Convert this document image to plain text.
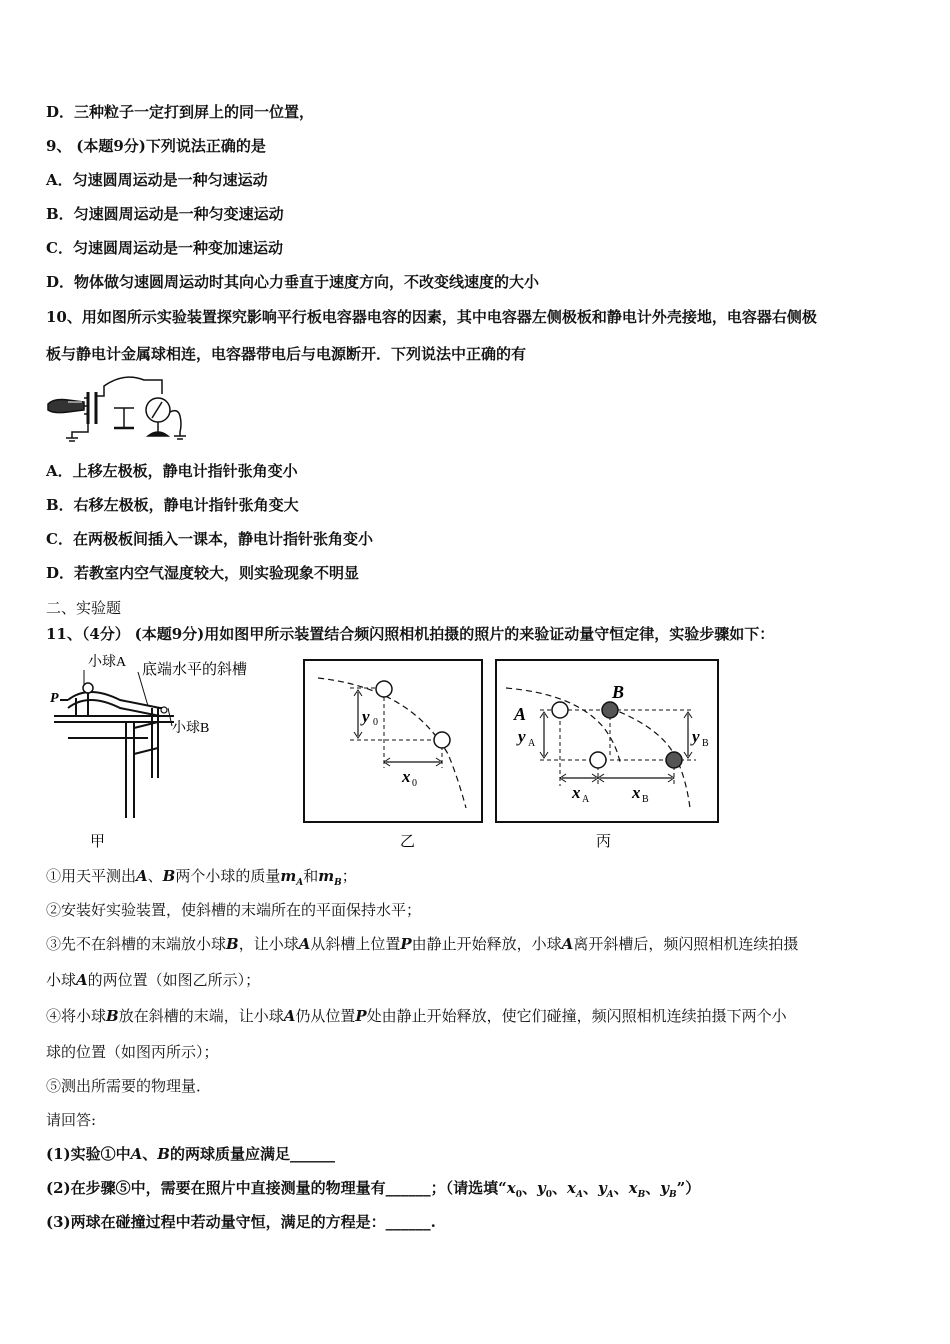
D．三种粒子一定打到屏上的同一位置，
9、 (本题9分)下列说法正确的是
A．匀速圆周运动是一种匀速运动
B．匀速圆周运动是一种匀变速运动
C．匀速圆周运动是一种变加速运动
D．物体做匀速圆周运动时其向心力垂直于速度方向，不改变线速度的大小
10、用如图所示实验装置探究影响平行板电容器电容的因素，其中电容器左侧极板和静电计外壳接地，电容器右侧极
板与静电计金属球相连，电容器带电后与电源断开．下列说法中正确的有
A．上移左极板，静电计指针张角变小
B．右移左极板，静电计指针张角变大
C．在两极板间插入一课本，静电计指针张角变小
D．若教室内空气湿度较大，则实验现象不明显
二、实验题
11、（4分） (本题9分)用如图甲所示装置结合频闪照相机拍摄的照片的来验证动量守恒定律，实验步骤如下：
小球A 底端水平的斜槽
小球B
P
甲
y 0
x 0
乙
A
B
y A	y B
x A	x B
丙
①用天平测出A、B两个小球的质量$m_A$和$m_B$；
②安装好实验装置，使斜槽的末端所在的平面保持水平；
③先不在斜槽的末端放小球B，让小球A从斜槽上位置P由静止开始释放，小球A离开斜槽后，频闪照相机连续拍摄
小球A的两位置（如图乙所示）；
④将小球B放在斜槽的末端，让小球A仍从位置P处由静止开始释放，使它们碰撞，频闪照相机连续拍摄下两个小
球的位置（如图丙所示）；
⑤测出所需要的物理量．
请回答:
(1)实验①中A、B的两球质量应满足______
(2)在步骤⑤中，需要在照片中直接测量的物理量有______；（请选填“$x_0$、$y_0$、$x_A$、$y_A$、$x_B$、$y_B$”）
(3)两球在碰撞过程中若动量守恒，满足的方程是：______.
